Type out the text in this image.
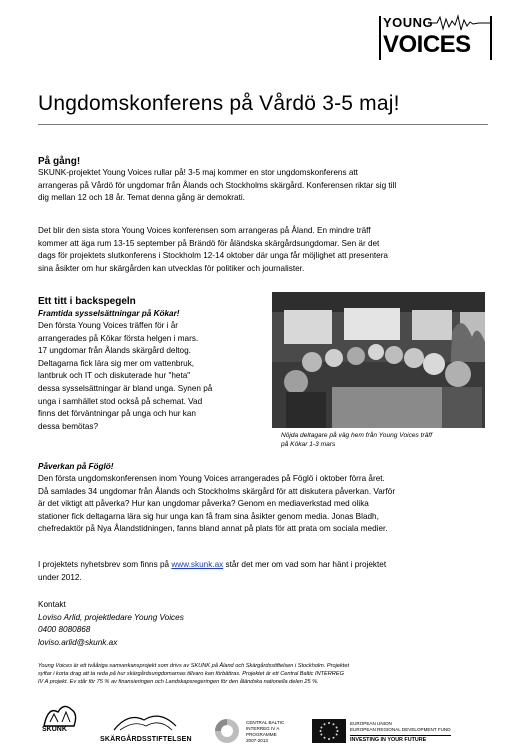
YOUNG
VOICES
Ungdomskonferens på Vårdö 3-5 maj!
På gång!
SKUNK-projektet Young Voices rullar på! 3-5 maj kommer en stor ungdomskonferens att
arrangeras på Vårdö för ungdomar från Ålands och Stockholms skärgård. Konferensen riktar sig till
dig mellan 12 och 18 år. Temat denna gång är demokrati.
Det blir den sista stora Young Voices konferensen som arrangeras på Åland. En mindre träff
kommer att äga rum 13-15 september på Brändö för åländska skärgårdsungdomar. Sen är det
dags för projektets slutkonferens i Stockholm 12-14 oktober där unga får möjlighet att presentera
sina åsikter om hur skärgården kan utvecklas för politiker och journalister.
Ett titt i backspegeln
Framtida sysselsättningar på Kökar!
Den första Young Voices träffen för i år
arrangerades på Kökar första helgen i mars.
17 ungdomar från Ålands skärgård deltog.
Deltagarna fick lära sig mer om vattenbruk,
lantbruk och IT och diskuterade hur "heta"
dessa sysselsättningar är bland unga. Synen på
unga i samhället stod också på schemat. Vad
finns det förväntningar på unga och hur kan
dessa bemötas?
Nöjda deltagare på väg hem från Young Voices träff
på Kökar 1-3 mars
Påverkan på Föglö!
Den första ungdomskonferensen inom Young Voices arrangerades på Föglö i oktober förra året.
Då samlades 34 ungdomar från Ålands och Stockholms skärgård för att diskutera påverkan. Varför
är det viktigt att påverka? Hur kan ungdomar påverka? Genom en mediaverkstad med olika
stationer fick deltagarna lära sig hur unga kan få fram sina åsikter genom media. Jonas Bladh,
chefredaktör på Nya Ålandstidningen, fanns bland annat på plats för att prata om sociala medier.
I projektets nyhetsbrev som finns på www.skunk.ax står det mer om vad som har hänt i projektet
under 2012.
Kontakt
Loviso Arlid, projektledare Young Voices
0400 8080868
loviso.arlid@skunk.ax
Young Voices är ett tvååriga samverkansprojekt som drivs av SKUNK på Åland och Skärgårdsstiftelsen i Stockholm. Projektet
syftar i korta drag att ta reda på hur skärgårdsungdomarnas tillvaro kan förbättras. Projektet är ett Central Baltic INTERREG
IV A projekt. Ev står för 75 % av finansieringen och Landskapsregeringen för den åländska nationella delen 25 %.
SKUNK
SKÄRGÅRDSSTIFTELSEN
CENTRAL BALTIC
INTERREG IV A
PROGRAMME
2007-2013
EUROPEAN UNION
EUROPEAN REGIONAL DEVELOPMENT FUND
INVESTING IN YOUR FUTURE
